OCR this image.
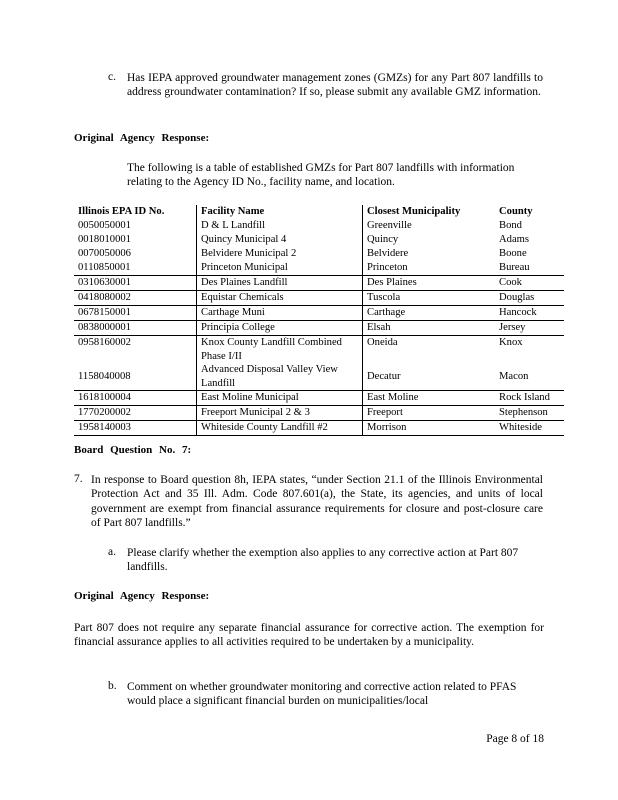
c. Has IEPA approved groundwater management zones (GMZs) for any Part 807 landfills to address groundwater contamination? If so, please submit any available GMZ information.
Original Agency Response:
The following is a table of established GMZs for Part 807 landfills with information relating to the Agency ID No., facility name, and location.
Illinois EPA ID No.	Facility Name	Closest Municipality	County
0050050001	D & L Landfill	Greenville	Bond
0018010001	Quincy Municipal 4	Quincy	Adams
0070050006	Belvidere Municipal 2	Belvidere	Boone
0110850001	Princeton Municipal	Princeton	Bureau
0310630001	Des Plaines Landfill	Des Plaines	Cook
0418080002	Equistar Chemicals	Tuscola	Douglas
0678150001	Carthage Muni	Carthage	Hancock
0838000001	Principia College	Elsah	Jersey
0958160002	Knox County Landfill Combined Phase I/II	Oneida	Knox
1158040008	Advanced Disposal Valley View Landfill	Decatur	Macon
1618100004	East Moline Municipal	East Moline	Rock Island
1770200002	Freeport Municipal 2 & 3	Freeport	Stephenson
1958140003	Whiteside County Landfill #2	Morrison	Whiteside
Board Question No. 7:
7. In response to Board question 8h, IEPA states, “under Section 21.1 of the Illinois Environmental Protection Act and 35 Ill. Adm. Code 807.601(a), the State, its agencies, and units of local government are exempt from financial assurance requirements for closure and post-closure care of Part 807 landfills.”
a. Please clarify whether the exemption also applies to any corrective action at Part 807 landfills.
Original Agency Response:
Part 807 does not require any separate financial assurance for corrective action. The exemption for financial assurance applies to all activities required to be undertaken by a municipality.
b. Comment on whether groundwater monitoring and corrective action related to PFAS would place a significant financial burden on municipalities/local
Page 8 of 18
